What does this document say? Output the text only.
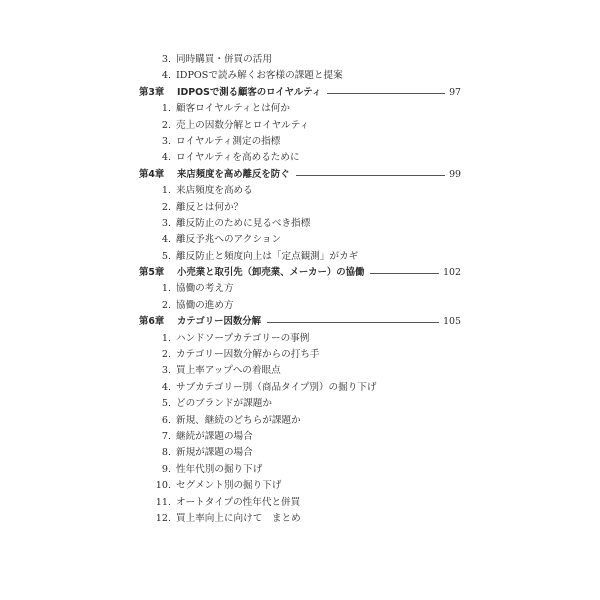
3. 同時購買・併買の活用
4. IDPOSで読み解くお客様の課題と提案
第3章 IDPOSで測る顧客のロイヤルティ	97
1. 顧客ロイヤルティとは何か
2. 売上の因数分解とロイヤルティ
3. ロイヤルティ測定の指標
4. ロイヤルティを高めるために
第4章 来店頻度を高め離反を防ぐ	99
1. 来店頻度を高める
2. 離反とは何か？
3. 離反防止のために見るべき指標
4. 離反予兆へのアクション
5. 離反防止と頻度向上は「定点観測」がカギ
第5章 小売業と取引先（卸売業、メーカー）の協働	102
1. 協働の考え方
2. 協働の進め方
第6章 カテゴリー因数分解	105
1. ハンドソープカテゴリーの事例
2. カテゴリー因数分解からの打ち手
3. 買上率アップへの着眼点
4. サブカテゴリー別（商品タイプ別）の掘り下げ
5. どのブランドが課題か
6. 新規、継続のどちらが課題か
7. 継続が課題の場合
8. 新規が課題の場合
9. 性年代別の掘り下げ
10. セグメント別の掘り下げ
11. オートタイプの性年代と併買
12. 買上率向上に向けて　まとめ
